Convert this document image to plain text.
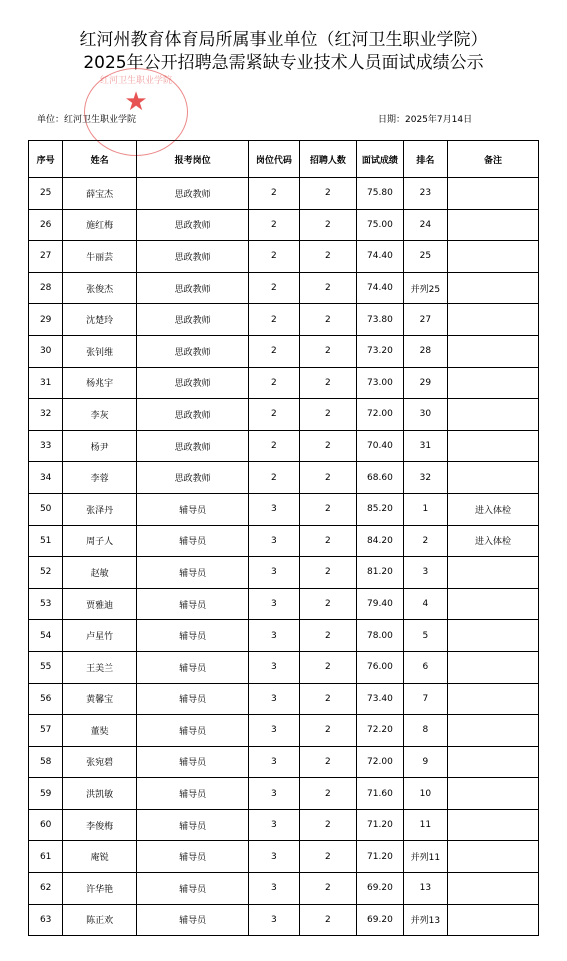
红河州教育体育局所属事业单位（红河卫生职业学院）
2025年公开招聘急需紧缺专业技术人员面试成绩公示
红河卫生职业学院
★
单位：红河卫生职业学院	日期：2025年7月14日
序号	姓名	报考岗位	岗位代码	招聘人数	面试成绩	排名	备注
25	薛宝杰	思政教师	2	2	75.80	23	
26	施红梅	思政教师	2	2	75.00	24	
27	牛丽芸	思政教师	2	2	74.40	25	
28	张俊杰	思政教师	2	2	74.40	并列25	
29	沈楚玲	思政教师	2	2	73.80	27	
30	张钊维	思政教师	2	2	73.20	28	
31	杨兆宇	思政教师	2	2	73.00	29	
32	李灰	思政教师	2	2	72.00	30	
33	杨尹	思政教师	2	2	70.40	31	
34	李蓉	思政教师	2	2	68.60	32	
50	张泽丹	辅导员	3	2	85.20	1	进入体检
51	周子人	辅导员	3	2	84.20	2	进入体检
52	赵敏	辅导员	3	2	81.20	3	
53	贾雅迪	辅导员	3	2	79.40	4	
54	卢星竹	辅导员	3	2	78.00	5	
55	王美兰	辅导员	3	2	76.00	6	
56	黄馨宝	辅导员	3	2	73.40	7	
57	董奘	辅导员	3	2	72.20	8	
58	张宛碧	辅导员	3	2	72.00	9	
59	洪凯敏	辅导员	3	2	71.60	10	
60	李俊梅	辅导员	3	2	71.20	11	
61	庵锐	辅导员	3	2	71.20	并列11	
62	许华艳	辅导员	3	2	69.20	13	
63	陈正欢	辅导员	3	2	69.20	并列13	
